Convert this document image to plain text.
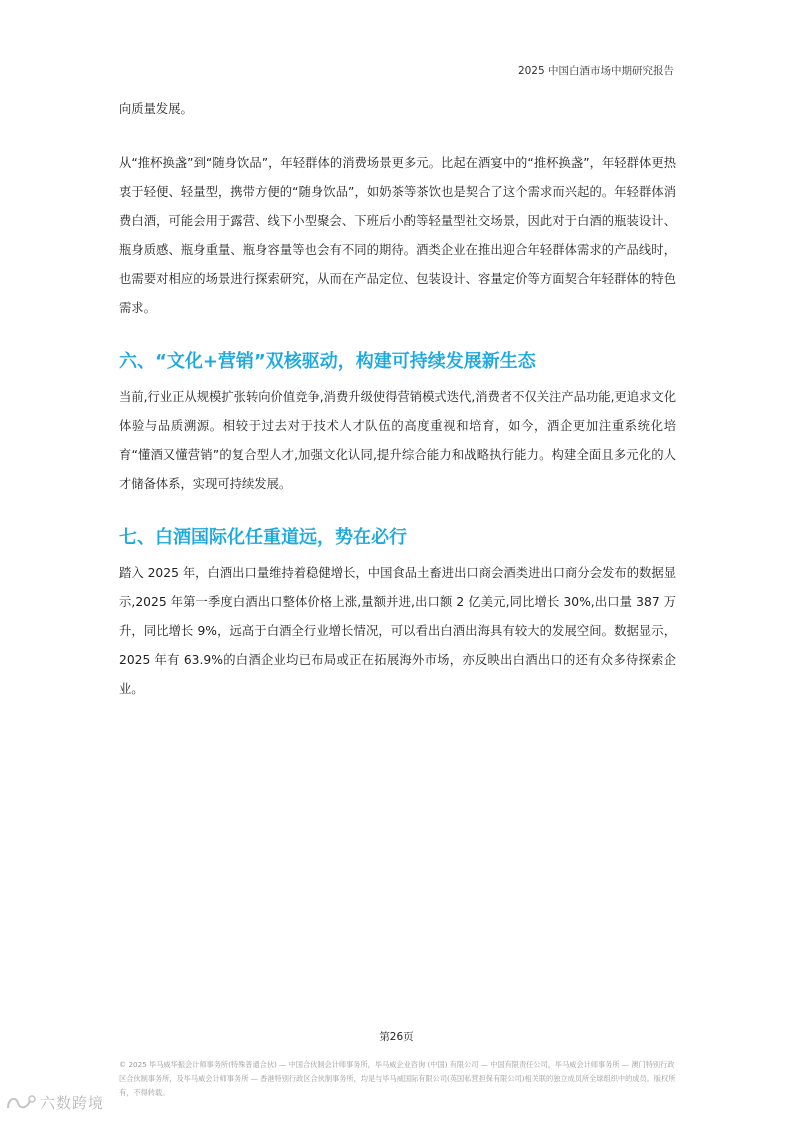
2025 中国白酒市场中期研究报告

向质量发展。

从“推杯换盏”到“随身饮品”，年轻群体的消费场景更多元。比起在酒宴中的“推杯换盏”，年轻群体更热衷于轻便、轻量型，携带方便的“随身饮品”，如奶茶等茶饮也是契合了这个需求而兴起的。年轻群体消费白酒，可能会用于露营、线下小型聚会、下班后小酌等轻量型社交场景，因此对于白酒的瓶装设计、瓶身质感、瓶身重量、瓶身容量等也会有不同的期待。酒类企业在推出迎合年轻群体需求的产品线时，也需要对相应的场景进行探索研究，从而在产品定位、包装设计、容量定价等方面契合年轻群体的特色需求。

六、“文化+营销”双核驱动，构建可持续发展新生态

当前,行业正从规模扩张转向价值竞争,消费升级使得营销模式迭代,消费者不仅关注产品功能,更追求文化体验与品质溯源。相较于过去对于技术人才队伍的高度重视和培育，如今，酒企更加注重系统化培育“懂酒又懂营销”的复合型人才,加强文化认同,提升综合能力和战略执行能力。构建全面且多元化的人才储备体系，实现可持续发展。

七、白酒国际化任重道远，势在必行

踏入 2025 年，白酒出口量维持着稳健增长，中国食品土畜进出口商会酒类进出口商分会发布的数据显示,2025 年第一季度白酒出口整体价格上涨,量额并进,出口额 2 亿美元,同比增长 30%,出口量 387 万升，同比增长 9%，远高于白酒全行业增长情况，可以看出白酒出海具有较大的发展空间。数据显示，2025 年有 63.9%的白酒企业均已布局或正在拓展海外市场，亦反映出白酒出口的还有众多待探索企业。

第26页
© 2025 毕马威华振会计师事务所(特殊普通合伙) — 中国合伙制会计师事务所，毕马威企业咨询 (中国) 有限公司 — 中国有限责任公司，毕马威会计师事务所 — 澳门特别行政区合伙制事务所，及毕马威会计师事务所 — 香港特别行政区合伙制事务所，均是与毕马威国际有限公司(英国私营担保有限公司)相关联的独立成员所全球组织中的成员。版权所有，不得转载。
六数跨境
